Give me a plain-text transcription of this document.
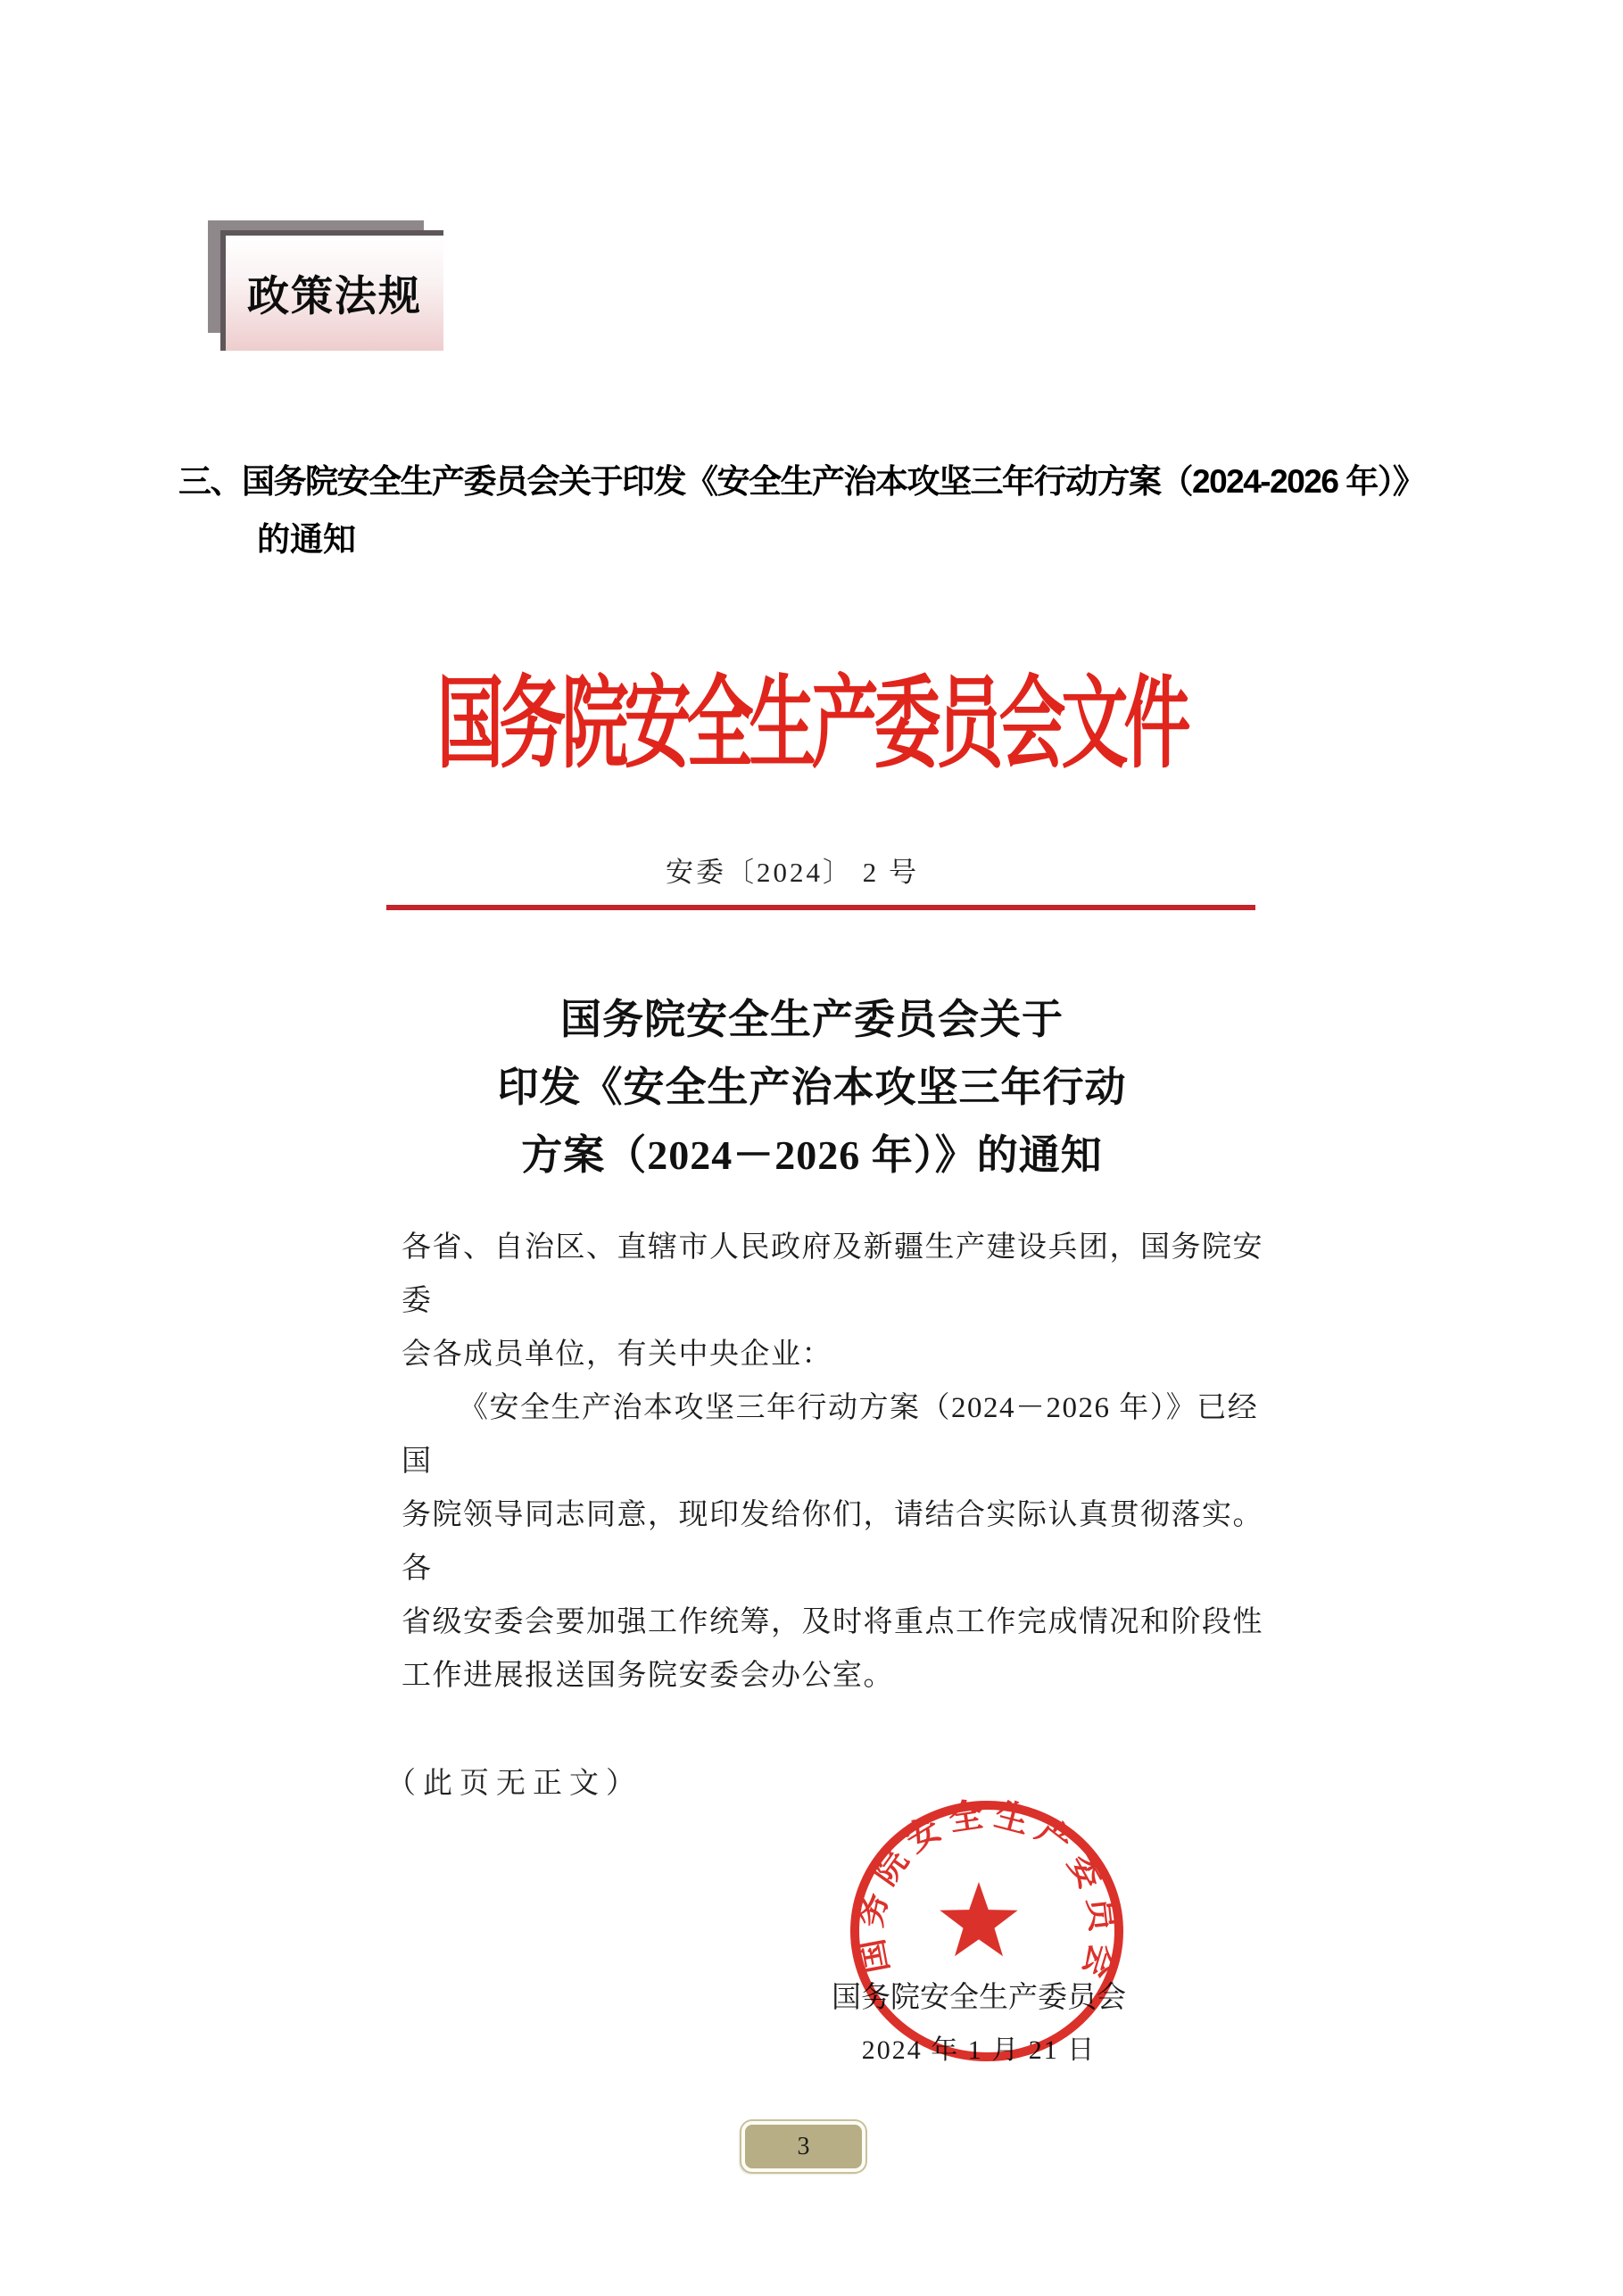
政策法规
三、国务院安全生产委员会关于印发《安全生产治本攻坚三年行动方案（2024-2026 年）》
的通知
国务院安全生产委员会文件
安委〔2024〕 2 号
国务院安全生产委员会关于
印发《安全生产治本攻坚三年行动
方案（2024－2026 年）》的通知
各省、自治区、直辖市人民政府及新疆生产建设兵团，国务院安委
会各成员单位，有关中央企业：
《安全生产治本攻坚三年行动方案（2024－2026 年）》已经国
务院领导同志同意，现印发给你们，请结合实际认真贯彻落实。各
省级安委会要加强工作统筹，及时将重点工作完成情况和阶段性
工作进展报送国务院安委会办公室。
（此页无正文）
国务院安全生产委员会
2024 年 1 月 21 日
国务院安全生产委员会
3
